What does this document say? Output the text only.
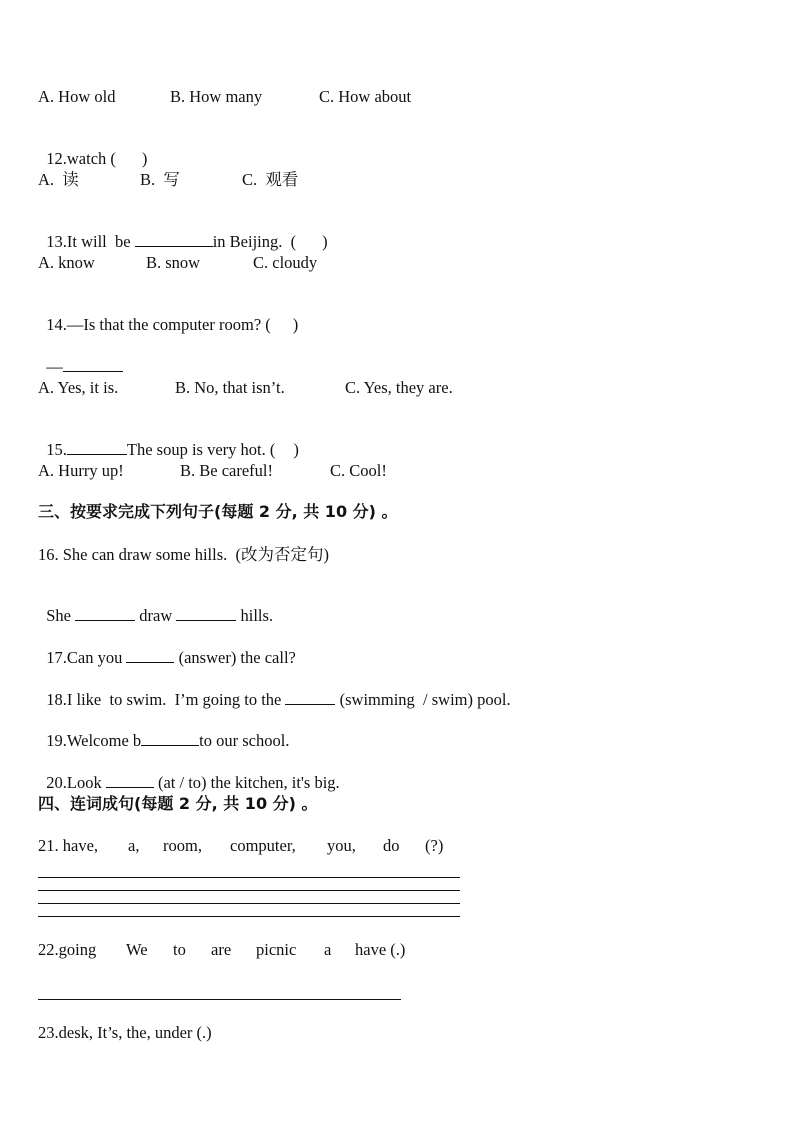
A. How old	B. How many	C. How about

12.watch ( )

A.  读	B.  写	C.  观看

13.It will  be	in Beijing.  ( )

A. know	B. snow	C. cloudy

14.—Is that the computer room? ( )

—

A. Yes, it is.	B. No, that isn’t.	C. Yes, they are.

15.	The soup is very hot. ( )

A. Hurry up!	B. Be careful!	C. Cool!
三、按要求完成下列句子(每题 2 分, 共 10 分) 。
16. She can draw some hills.  (改为否定句)

She	draw	hills.

17.Can you	(answer) the call?

18.I like  to swim.  I’m going to the	(swimming  / swim) pool.

19.Welcome b	to our school.

20.Look	(at / to) the kitchen, it's big.

四、连词成句(每题 2 分, 共 10 分) 。
21. have, a, room, computer, you, do (?)
22.going We to are picnic a have (.)
23.desk, It’s, the, under (.)
